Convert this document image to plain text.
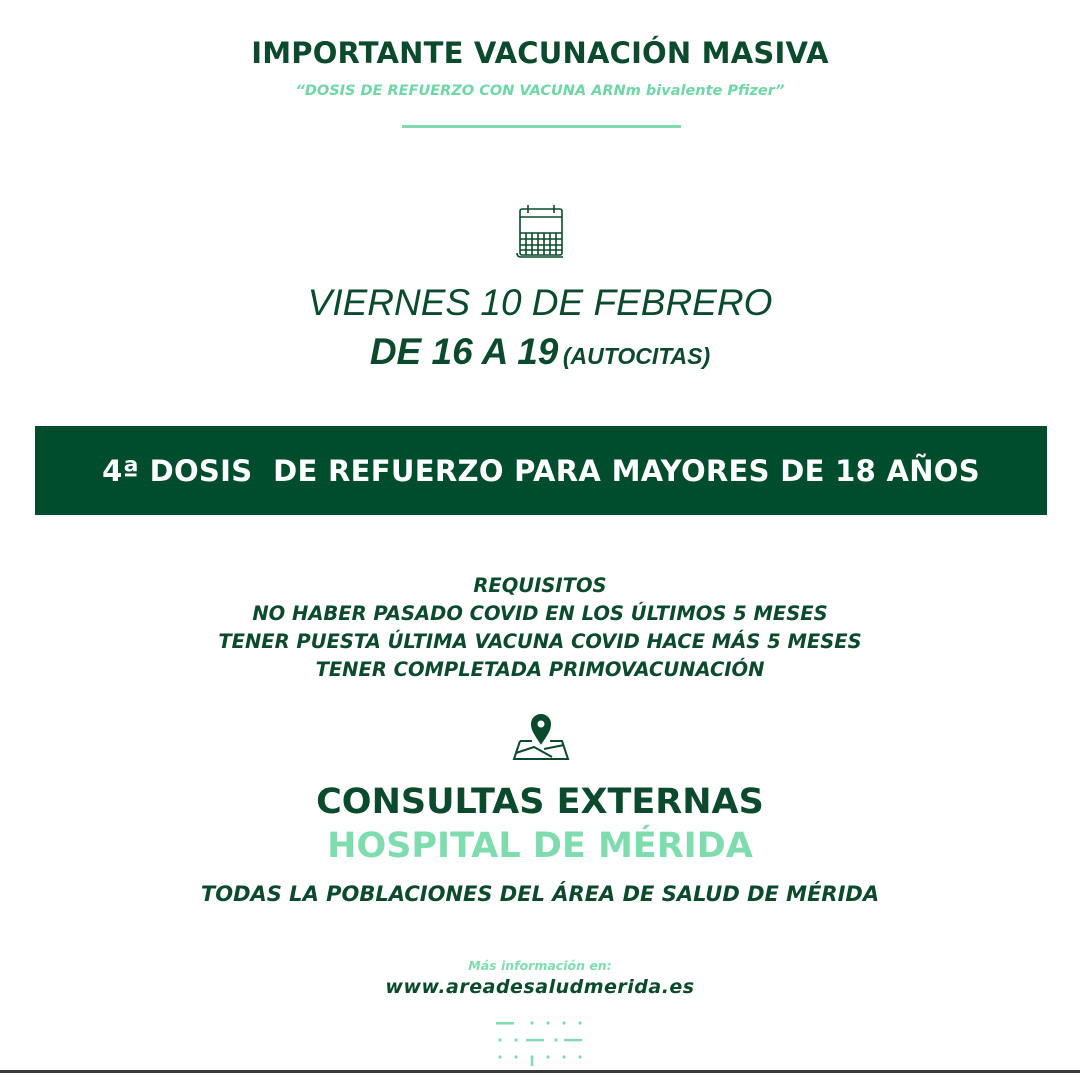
IMPORTANTE VACUNACIÓN MASIVA
“DOSIS DE REFUERZO CON VACUNA ARNm bivalente Pfizer”
VIERNES 10 DE FEBRERO
DE 16 A 19 (AUTOCITAS)
4ª DOSIS  DE REFUERZO PARA MAYORES DE 18 AÑOS
REQUISITOS
NO HABER PASADO COVID EN LOS ÚLTIMOS 5 MESES
TENER PUESTA ÚLTIMA VACUNA COVID HACE MÁS 5 MESES
TENER COMPLETADA PRIMOVACUNACIÓN
CONSULTAS EXTERNAS
HOSPITAL DE MÉRIDA
TODAS LA POBLACIONES DEL ÁREA DE SALUD DE MÉRIDA
Más información en:
www.areadesaludmerida.es
